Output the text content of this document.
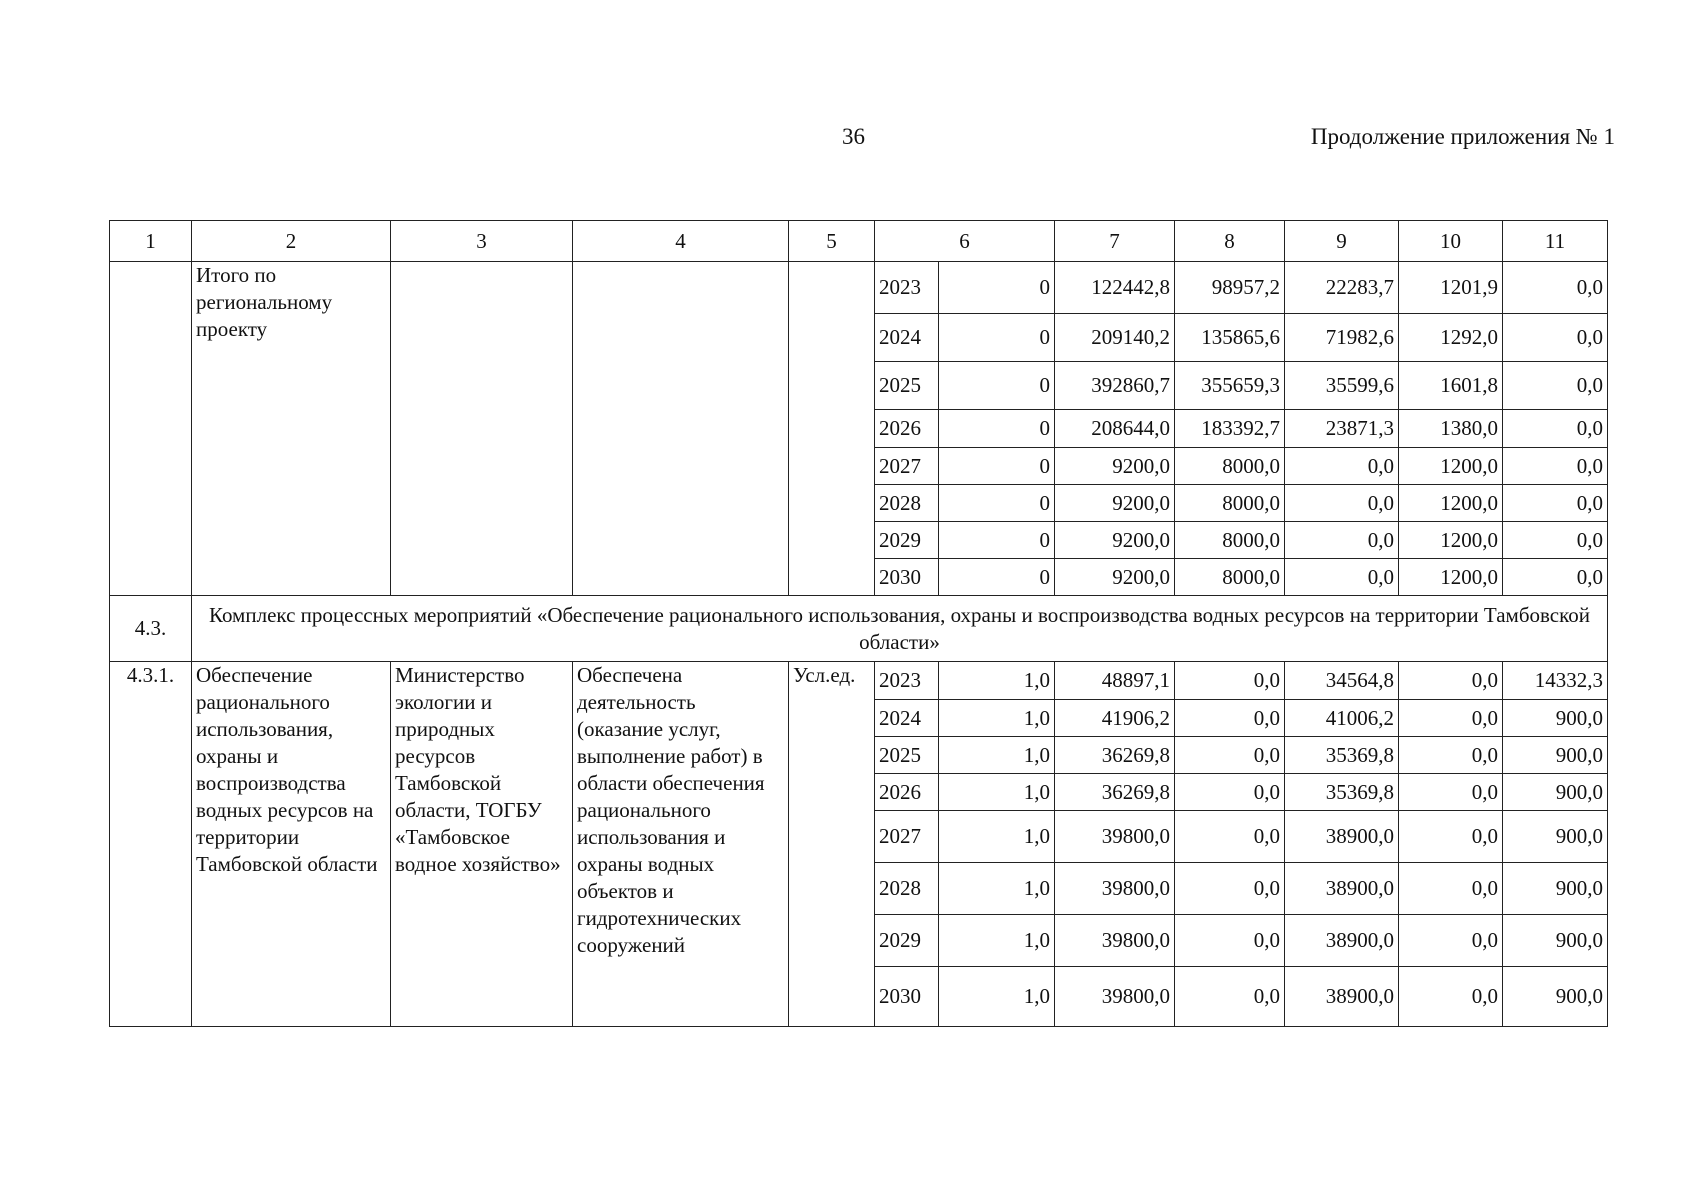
36	Продолжение приложения № 1
1	2	3	4	5	6		7	8	9	10	11
	Итого по региональному проекту				2023	0	122442,8	98957,2	22283,7	1201,9	0,0
					2024	0	209140,2	135865,6	71982,6	1292,0	0,0
					2025	0	392860,7	355659,3	35599,6	1601,8	0,0
					2026	0	208644,0	183392,7	23871,3	1380,0	0,0
					2027	0	9200,0	8000,0	0,0	1200,0	0,0
					2028	0	9200,0	8000,0	0,0	1200,0	0,0
					2029	0	9200,0	8000,0	0,0	1200,0	0,0
					2030	0	9200,0	8000,0	0,0	1200,0	0,0
4.3.	Комплекс процессных мероприятий «Обеспечение рационального использования, охраны и воспроизводства водных ресурсов на территории Тамбовской области»										
4.3.1.	Обеспечение рационального использования, охраны и воспроизводства водных ресурсов на территории Тамбовской области	Министерство экологии и природных ресурсов Тамбовской области, ТОГБУ «Тамбовское водное хозяйство»	Обеспечена деятельность (оказание услуг, выполнение работ) в области обеспечения рационального использования и охраны водных объектов и гидротехнических сооружений	Усл.ед.	2023	1,0	48897,1	0,0	34564,8	0,0	14332,3
					2024	1,0	41906,2	0,0	41006,2	0,0	900,0
					2025	1,0	36269,8	0,0	35369,8	0,0	900,0
					2026	1,0	36269,8	0,0	35369,8	0,0	900,0
					2027	1,0	39800,0	0,0	38900,0	0,0	900,0
					2028	1,0	39800,0	0,0	38900,0	0,0	900,0
					2029	1,0	39800,0	0,0	38900,0	0,0	900,0
					2030	1,0	39800,0	0,0	38900,0	0,0	900,0
